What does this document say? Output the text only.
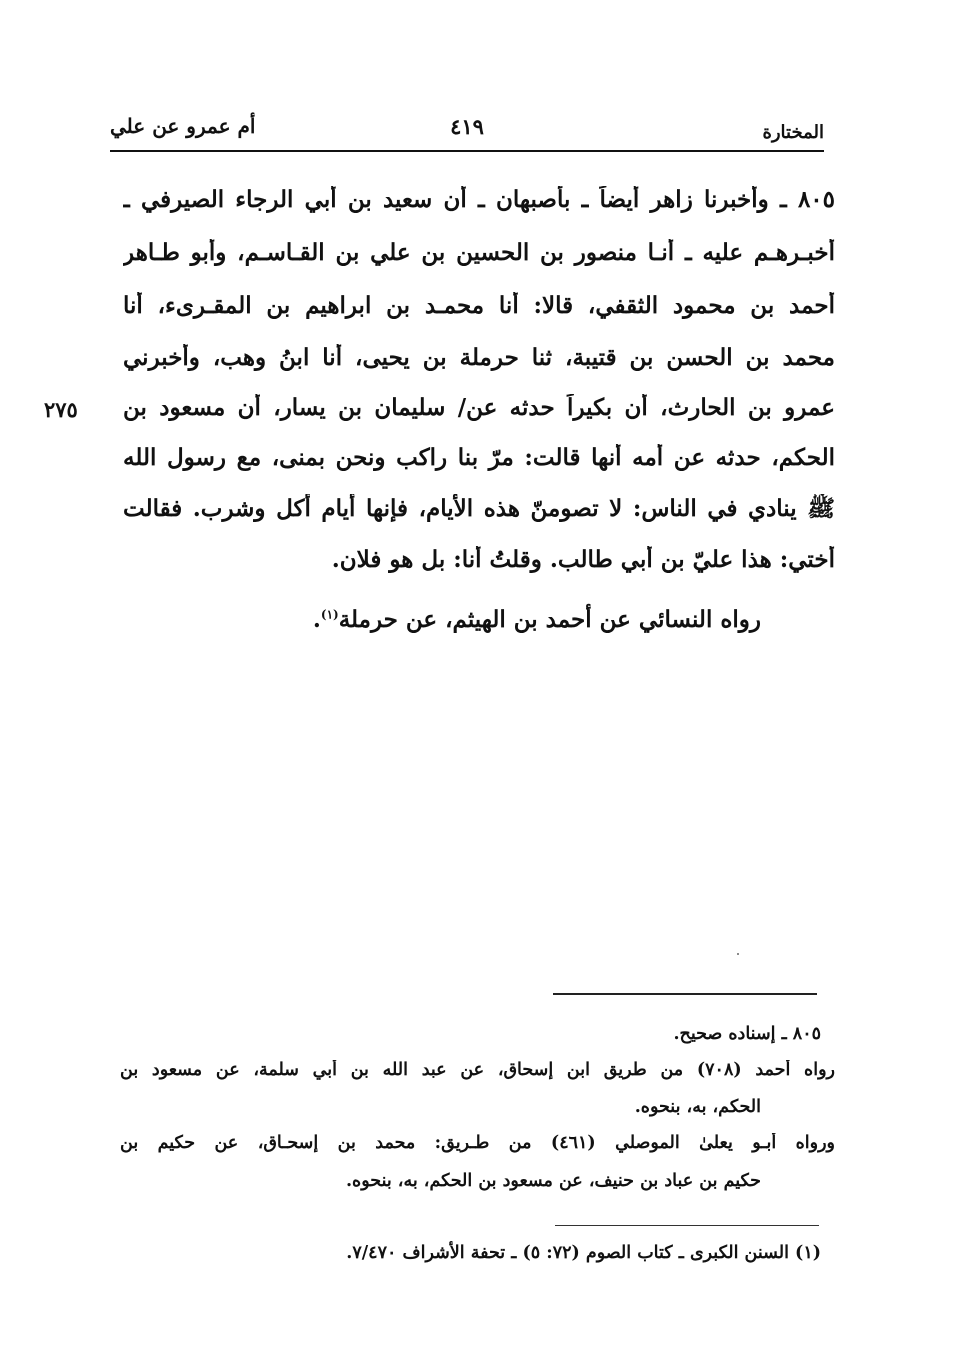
أم عمرو عن علي	٤١٩	المختارة
٨٠٥ ـ وأخبرنا زاهر أيضاً ـ بأصبهان ـ أن سعيد بن أبي الرجاء الصيرفي ـ
أخبـرهـم عليه ـ أنـا منصور بن الحسين بن علي بن القـاسـم، وأبو طـاهر
أحمد بن محمود الثقفي، قالا: أنا محمـد بن ابراهيم بن المقـرىء، أنا
محمد بن الحسن بن قتيبة، ثنا حرملة بن يحيى، أنا ابنُ وهب، وأخبرني
عمرو بن الحارث، أن بكيراً حدثه عن/ سليمان بن يسار، أن مسعود بن
الحكم، حدثه عن أمه أنها قالت: مرّ بنا راكب ونحن بمنى، مع رسول الله
ﷺ ينادي في الناس: لا تصومنّ هذه الأيام، فإنها أيام أكل وشرب. فقالت
أختي: هذا عليّ بن أبي طالب. وقلتُ أنا: بل هو فلان.
٢٧٥
رواه النسائي عن أحمد بن الهيثم، عن حرملة$^{(١)}$.
٨٠٥ ـ إسناده صحيح.
رواه أحمد (٧٠٨) من طريق ابن إسحاق، عن عبد الله بن أبي سلمة، عن مسعود بن
الحكم، به، بنحوه.
ورواه أبـو يعلىٰ الموصلي (٤٦١) من طـريق: محمد بن إسحـاق، عن حكيم بن
حكيم بن عباد بن حنيف، عن مسعود بن الحكم، به، بنحوه.
(١) السنن الكبرى ـ كتاب الصوم (٧٢: ٥) ـ تحفة الأشراف ٧/٤٧٠.
